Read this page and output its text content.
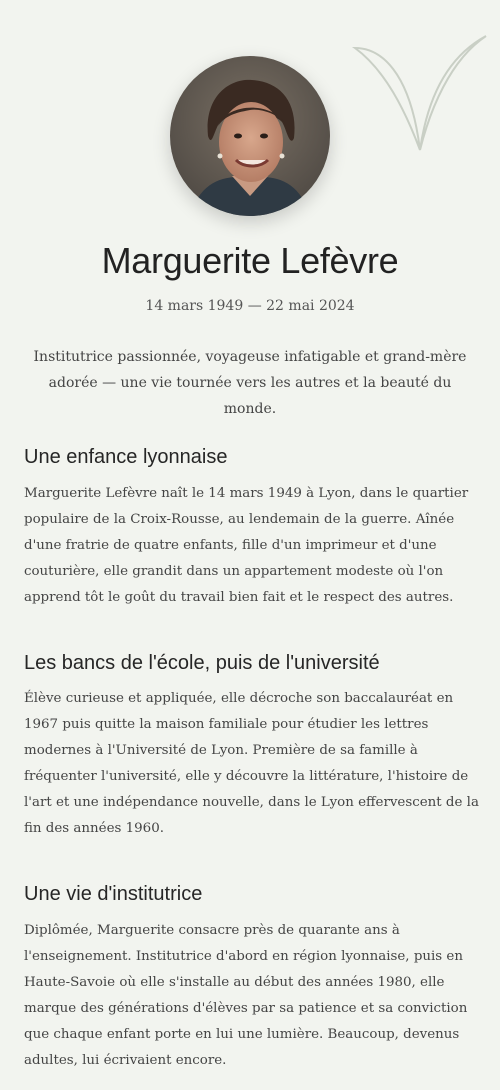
Marguerite Lefèvre
14 mars 1949 — 22 mai 2024

Institutrice passionnée, voyageuse infatigable et grand-mère adorée — une vie tournée vers les autres et la beauté du monde.

Une enfance lyonnaise

Marguerite Lefèvre naît le 14 mars 1949 à Lyon, dans le quartier populaire de la Croix-Rousse, au lendemain de la guerre. Aînée d'une fratrie de quatre enfants, fille d'un imprimeur et d'une couturière, elle grandit dans un appartement modeste où l'on apprend tôt le goût du travail bien fait et le respect des autres.

Les bancs de l'école, puis de l'université

Élève curieuse et appliquée, elle décroche son baccalauréat en 1967 puis quitte la maison familiale pour étudier les lettres modernes à l'Université de Lyon. Première de sa famille à fréquenter l'université, elle y découvre la littérature, l'histoire de l'art et une indépendance nouvelle, dans le Lyon effervescent de la fin des années 1960.

Une vie d'institutrice

Diplômée, Marguerite consacre près de quarante ans à l'enseignement. Institutrice d'abord en région lyonnaise, puis en Haute-Savoie où elle s'installe au début des années 1980, elle marque des générations d'élèves par sa patience et sa conviction que chaque enfant porte en lui une lumière. Beaucoup, devenus adultes, lui écrivaient encore.
